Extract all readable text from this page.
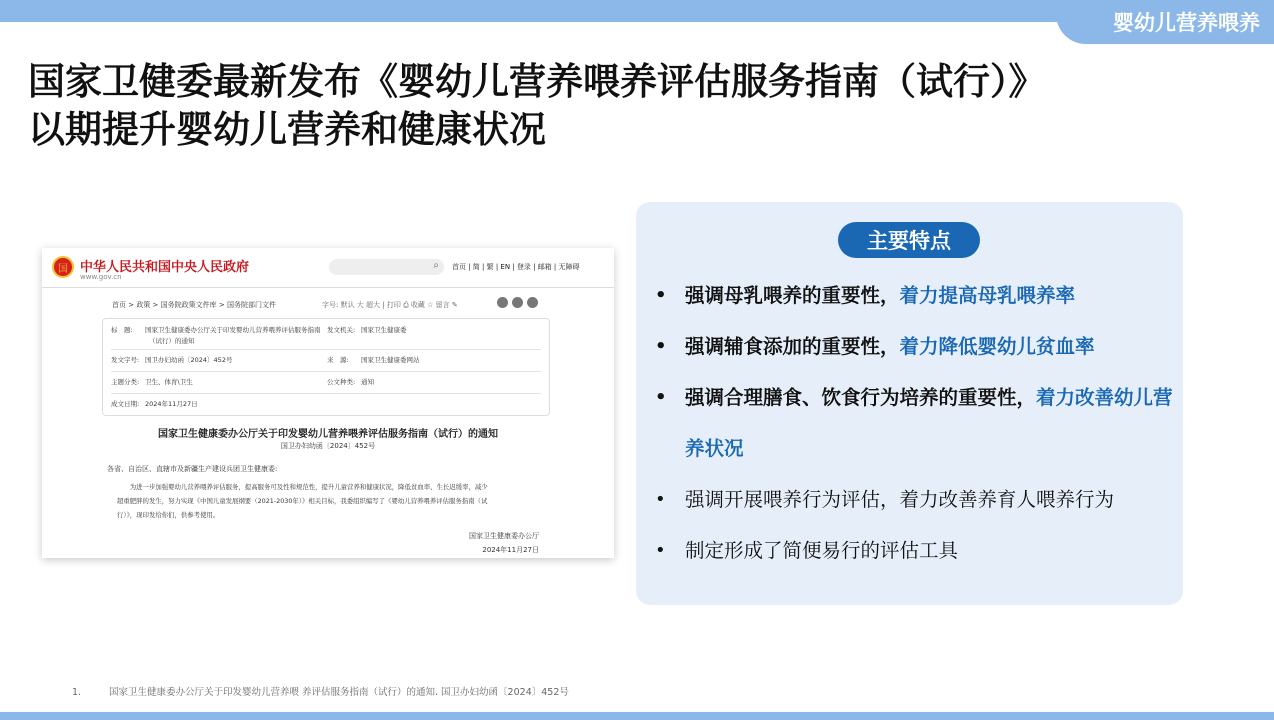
婴幼儿营养喂养
国家卫健委最新发布《婴幼儿营养喂养评估服务指南（试行）》
以期提升婴幼儿营养和健康状况
国 中华人民共和国中央人民政府
www.gov.cn
⌕ 首页 | 简 | 繁 | EN | 登录 | 邮箱 | 无障碍
首页 > 政策 > 国务院政策文件库 > 国务院部门文件	字号: 默认 大 超大 | 打印 ⎙ 收藏 ☆ 留言 ✎
标　题: 国家卫生健康委办公厅关于印发婴幼儿营养喂养评估服务指南
（试行）的通知
发文机关: 国家卫生健康委
发文字号: 国卫办妇幼函〔2024〕452号	来　源: 国家卫生健康委网站
主题分类: 卫生、体育\卫生	公文种类: 通知
成文日期: 2024年11月27日
国家卫生健康委办公厅关于印发婴幼儿营养喂养评估服务指南（试行）的通知
国卫办妇幼函〔2024〕452号
各省、自治区、直辖市及新疆生产建设兵团卫生健康委:
　　为进一步加强婴幼儿营养喂养评估服务，提高服务可及性和规范性，提升儿童营养和健康状况，降低贫血率、生长迟缓率，减少
超重肥胖的发生，努力实现《中国儿童发展纲要（2021-2030年）》相关目标，我委组织编写了《婴幼儿营养喂养评估服务指南（试
行）》，现印发给你们，供参考使用。
国家卫生健康委办公厅
2024年11月27日
主要特点
• 强调母乳喂养的重要性，着力提高母乳喂养率
• 强调辅食添加的重要性，着力降低婴幼儿贫血率
• 强调合理膳食、饮食行为培养的重要性，着力改善幼儿营养状况
• 强调开展喂养行为评估，着力改善养育人喂养行为
• 制定形成了简便易行的评估工具
1.	国家卫生健康委办公厅关于印发婴幼儿营养喂 养评估服务指南（试行）的通知. 国卫办妇幼函〔2024〕452号
